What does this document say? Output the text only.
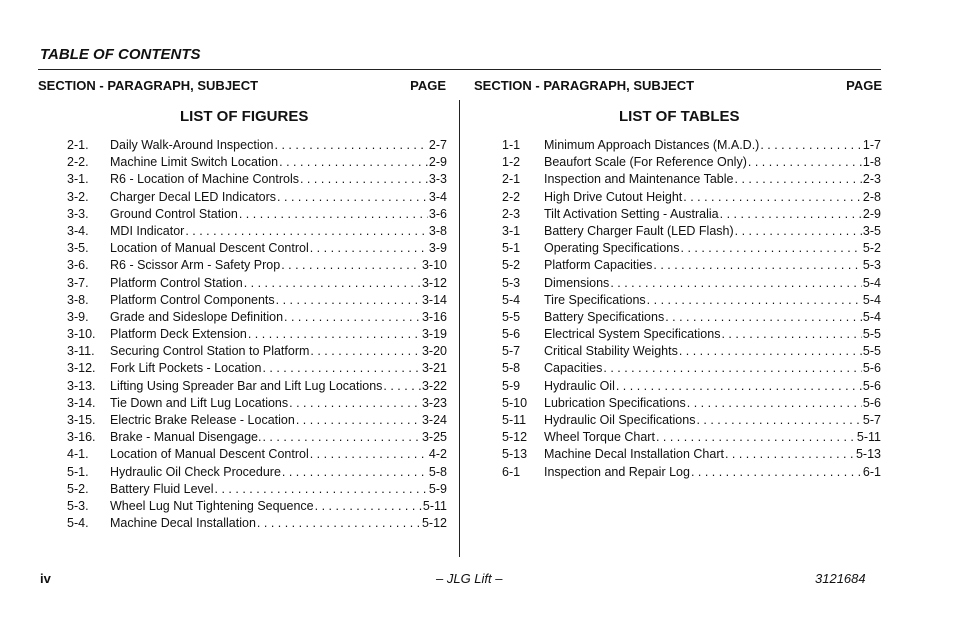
TABLE OF CONTENTS
SECTION - PARAGRAPH, SUBJECT	PAGE SECTION - PARAGRAPH, SUBJECT	PAGE
LIST OF FIGURES	LIST OF TABLES
2-1.	Daily Walk-Around Inspection . . .	2-7
2-2.	Machine Limit Switch Location . . .	2-9
3-1.	R6 - Location of Machine Controls . . .	3-3
3-2.	Charger Decal LED Indicators . . .	3-4
3-3.	Ground Control Station . . .	3-6
3-4.	MDI Indicator . . .	3-8
3-5.	Location of Manual Descent Control . . .	3-9
3-6.	R6 - Scissor Arm - Safety Prop . . .	3-10
3-7.	Platform Control Station . . .	3-12
3-8.	Platform Control Components . . .	3-14
3-9.	Grade and Sideslope Definition . . .	3-16
3-10.	Platform Deck Extension . . .	3-19
3-11.	Securing Control Station to Platform . . .	3-20
3-12.	Fork Lift Pockets - Location . . .	3-21
3-13.	Lifting Using Spreader Bar and Lift Lug Locations . . .	3-22
3-14.	Tie Down and Lift Lug Locations . . .	3-23
3-15.	Electric Brake Release - Location . . .	3-24
3-16.	Brake - Manual Disengage. . . .	3-25
4-1.	Location of Manual Descent Control . . .	4-2
5-1.	Hydraulic Oil Check Procedure . . .	5-8
5-2.	Battery Fluid Level . . .	5-9
5-3.	Wheel Lug Nut Tightening Sequence . . .	5-11
5-4.	Machine Decal Installation . . .	5-12
1-1	Minimum Approach Distances (M.A.D.) . . .	1-7
1-2	Beaufort Scale (For Reference Only) . . .	1-8
2-1	Inspection and Maintenance Table . . .	2-3
2-2	High Drive Cutout Height . . .	2-8
2-3	Tilt Activation Setting - Australia . . .	2-9
3-1	Battery Charger Fault (LED Flash) . . .	3-5
5-1	Operating Specifications . . .	5-2
5-2	Platform Capacities . . .	5-3
5-3	Dimensions . . .	5-4
5-4	Tire Specifications . . .	5-4
5-5	Battery Specifications . . .	5-4
5-6	Electrical System Specifications . . .	5-5
5-7	Critical Stability Weights . . .	5-5
5-8	Capacities . . .	5-6
5-9	Hydraulic Oil . . .	5-6
5-10	Lubrication Specifications . . .	5-6
5-11	Hydraulic Oil Specifications . . .	5-7
5-12	Wheel Torque Chart . . .	5-11
5-13	Machine Decal Installation Chart . . .	5-13
6-1	Inspection and Repair Log . . .	6-1
iv	– JLG Lift –	3121684
